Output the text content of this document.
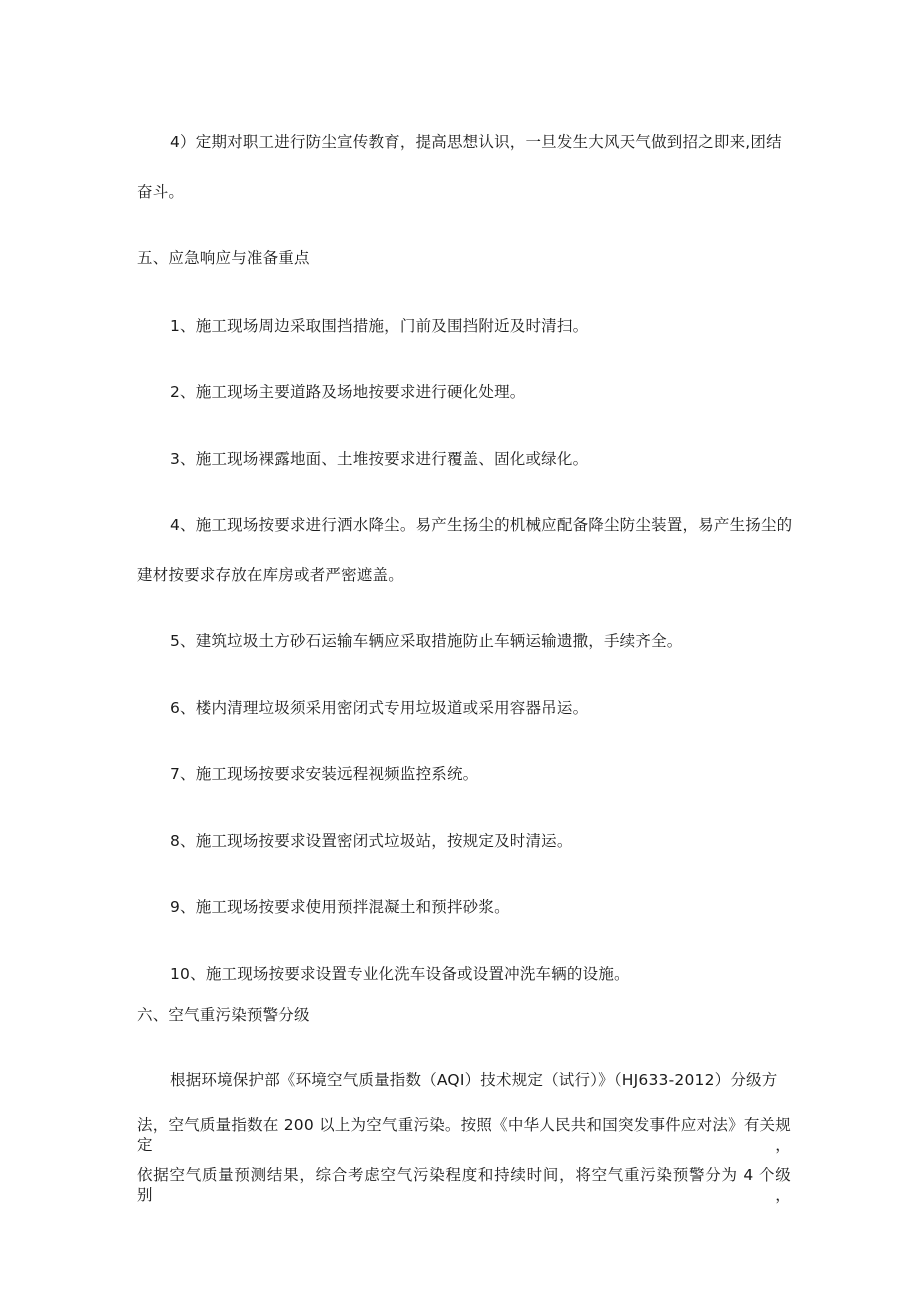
4）定期对职工进行防尘宣传教育，提高思想认识，一旦发生大风天气做到招之即来,团结
奋斗。
五、应急响应与准备重点
1、施工现场周边采取围挡措施，门前及围挡附近及时清扫。
2、施工现场主要道路及场地按要求进行硬化处理。
3、施工现场裸露地面、土堆按要求进行覆盖、固化或绿化。
4、施工现场按要求进行洒水降尘。易产生扬尘的机械应配备降尘防尘装置，易产生扬尘的
建材按要求存放在库房或者严密遮盖。
5、建筑垃圾土方砂石运输车辆应采取措施防止车辆运输遗撒，手续齐全。
6、楼内清理垃圾须采用密闭式专用垃圾道或采用容器吊运。
7、施工现场按要求安装远程视频监控系统。
8、施工现场按要求设置密闭式垃圾站，按规定及时清运。
9、施工现场按要求使用预拌混凝土和预拌砂浆。
10、施工现场按要求设置专业化洗车设备或设置冲洗车辆的设施。
六、空气重污染预警分级
根据环境保护部《环境空气质量指数（AQI）技术规定（试行）》（HJ633-2012）分级方
法，空气质量指数在 200 以上为空气重污染。按照《中华人民共和国突发事件应对法》有关规定，
依据空气质量预测结果，综合考虑空气污染程度和持续时间，将空气重污染预警分为 4 个级别，
